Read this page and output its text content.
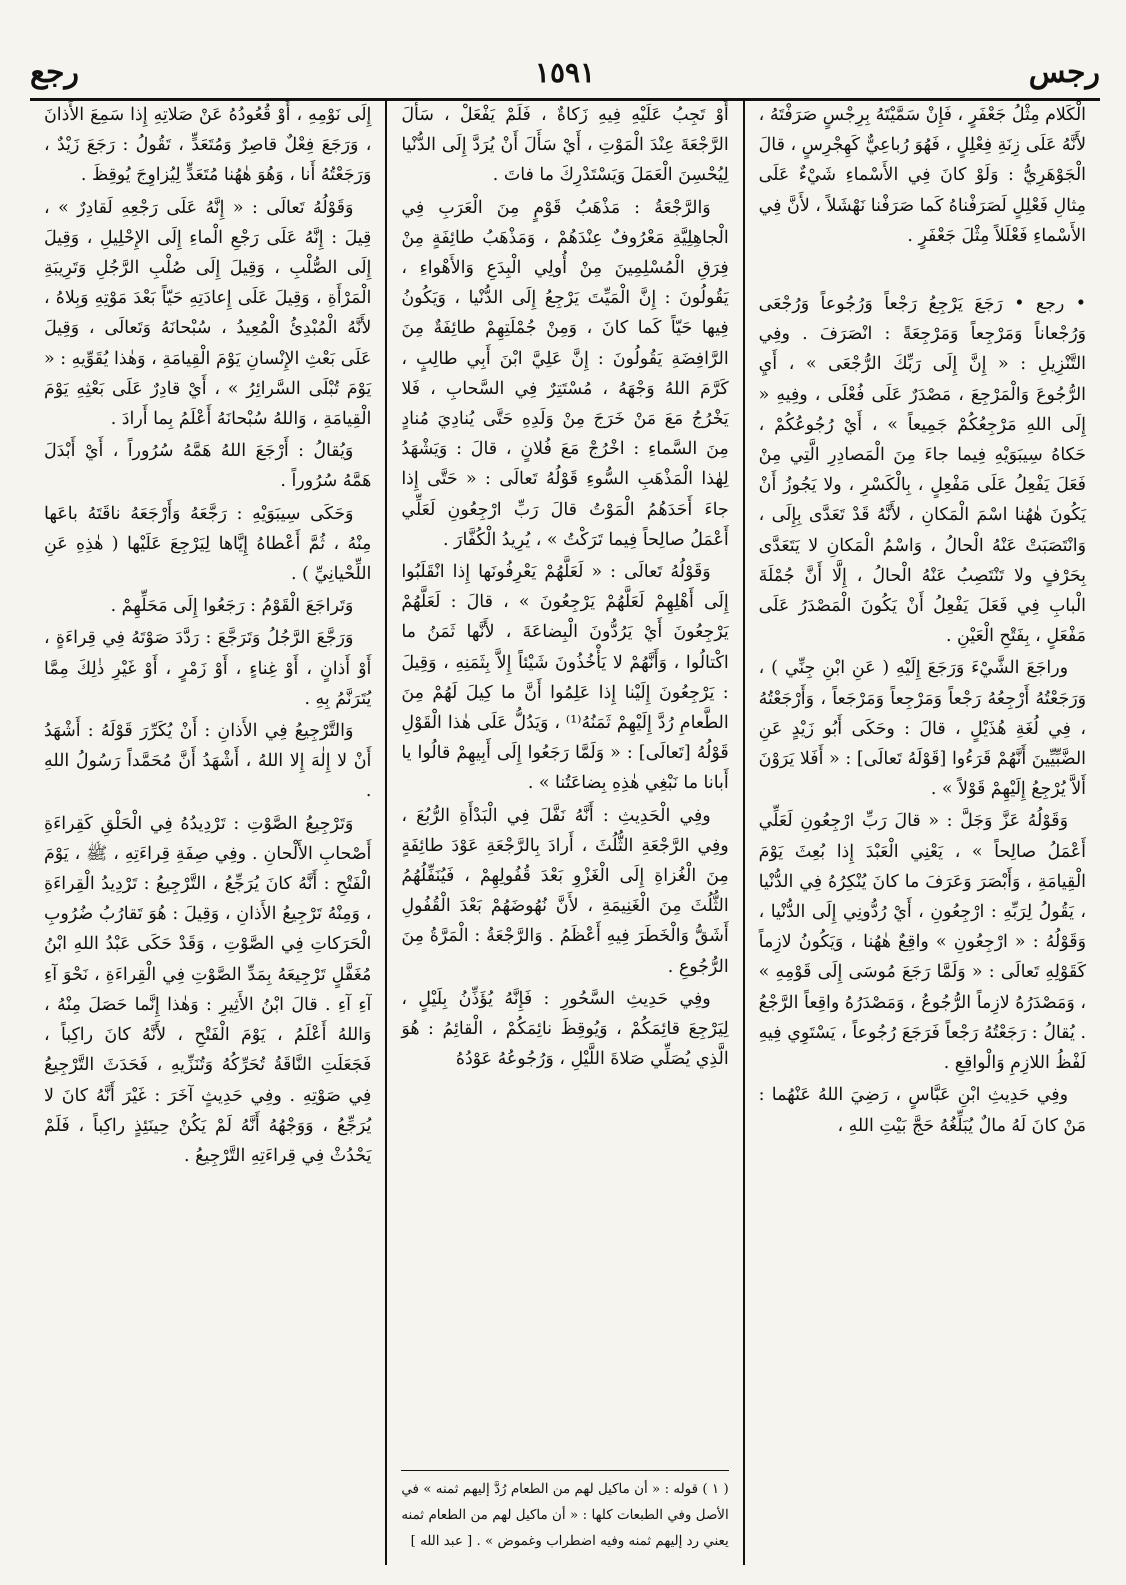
رجس
١٥٩١
رجع

الْكَلام مِثْلُ جَعْفَرٍ ، فَإِنْ سَمَّيْتَهُ بِرِجْسٍ صَرَفْتَهُ ، لأَنَّهُ عَلَى زِنَةِ فِعْلِلٍ ، فَهُوَ رُباعِيٌّ كَهِجْرِسٍ ، قالَ الْجَوْهَرِيُّ : وَلَوْ كانَ فِي الأَسْماءِ شَيْءٌ عَلَى مِثالِ فَعْلِلٍ لَصَرَفْناهُ كَما صَرَفْنا نَهْشَلاً ، لأَنَّ فِي الأَسْماءِ فَعْلَلاً مِثْلَ جَعْفَرٍ .

• رجع • رَجَعَ يَرْجِعُ رَجْعاً وَرُجُوعاً وَرُجْعَى وَرُجْعاناً وَمَرْجِعاً وَمَرْجِعَةً : انْصَرَفَ . وفِي التَّنْزِيلِ : « إِنَّ إِلَى رَبِّكَ الرُّجْعَى » ، أَيِ الرُّجُوعَ وَالْمَرْجِعَ ، مَصْدَرٌ عَلَى فُعْلَى ، وفِيهِ « إِلَى اللهِ مَرْجِعُكُمْ جَمِيعاً » ، أَيْ رُجُوعُكُمْ ، حَكاهُ سِيبَوَيْهِ فِيما جاءَ مِنَ الْمَصادِرِ الَّتِي مِنْ فَعَلَ يَفْعِلُ عَلَى مَفْعِلٍ ، بِالْكَسْرِ ، ولا يَجُوزُ أَنْ يَكُونَ هٰهُنا اسْمَ الْمَكانِ ، لأَنَّهُ قَدْ تَعَدَّى بِإِلَى ، وَانْتَصَبَتْ عَنْهُ الْحالُ ، وَاسْمُ الْمَكانِ لا يَتَعَدَّى بِحَرْفٍ ولا تَنْتَصِبُ عَنْهُ الْحالُ ، إِلَّا أَنَّ جُمْلَةَ الْبابِ فِي فَعَلَ يَفْعِلُ أَنْ يَكُونَ الْمَصْدَرُ عَلَى مَفْعَلٍ ، بِفَتْحِ الْعَيْنِ .

وراجَعَ الشَّيْءَ وَرَجَعَ إِلَيْهِ ( عَنِ ابْنِ جِنِّي ) ، وَرَجَعْتُهُ أَرْجِعُهُ رَجْعاً وَمَرْجِعاً وَمَرْجَعاً ، وَأَرْجَعْتُهُ ، فِي لُغَةِ هُذَيْلٍ ، قالَ : وحَكَى أَبُو زَيْدٍ عَنِ الضَّبِّيِّينَ أَنَّهُمْ قَرَءُوا [قَوْلَهُ تَعالَى] : « أَفَلا يَرَوْنَ أَلاَّ يُرْجِعُ إِلَيْهِمْ قَوْلاً » .

وَقَوْلُهُ عَزَّ وَجَلَّ : « قالَ رَبِّ ارْجِعُونِ لَعَلِّي أَعْمَلُ صالِحاً » ، يَعْنِي الْعَبْدَ إِذا بُعِثَ يَوْمَ الْقِيامَةِ ، وَأَبْصَرَ وَعَرَفَ ما كانَ يُنْكِرُهُ فِي الدُّنْيا ، يَقُولُ لِرَبِّهِ : ارْجِعُونِ ، أَيْ رُدُّونِي إِلَى الدُّنْيا ، وَقَوْلُهُ : « ارْجِعُونِ » واقِعٌ هٰهُنا ، وَيَكُونُ لازِماً كَقَوْلِهِ تَعالَى : « وَلَمَّا رَجَعَ مُوسَى إِلَى قَوْمِهِ » ، وَمَصْدَرُهُ لازِماً الرُّجُوعُ ، وَمَصْدَرُهُ واقِعاً الرَّجْعُ . يُقالُ : رَجَعْتُهُ رَجْعاً فَرَجَعَ رُجُوعاً ، يَسْتَوِي فِيهِ لَفْظُ اللازِمِ وَالْواقِعِ .

وفِي حَدِيثِ ابْنِ عَبَّاسٍ ، رَضِيَ اللهُ عَنْهُما : مَنْ كانَ لَهُ مالٌ يُبَلِّغُهُ حَجَّ بَيْتِ اللهِ ،

أَوْ تَجِبُ عَلَيْهِ فِيهِ زَكاةٌ ، فَلَمْ يَفْعَلْ ، سَأَلَ الرَّجْعَةَ عِنْدَ الْمَوْتِ ، أَيْ سَأَلَ أَنْ يُرَدَّ إِلَى الدُّنْيا لِيُحْسِنَ الْعَمَلَ وَيَسْتَدْرِكَ ما فاتَ .

وَالرَّجْعَةُ : مَذْهَبُ قَوْمٍ مِنَ الْعَرَبِ فِي الْجاهِلِيَّةِ مَعْرُوفٌ عِنْدَهُمْ ، وَمَذْهَبُ طائِفَةٍ مِنْ فِرَقِ الْمُسْلِمِينَ مِنْ أُولِي الْبِدَعِ وَالأَهْواءِ ، يَقُولُونَ : إِنَّ الْمَيِّتَ يَرْجِعُ إِلَى الدُّنْيا ، وَيَكُونُ فِيها حَيّاً كَما كانَ ، وَمِنْ جُمْلَتِهِمْ طائِفَةٌ مِنَ الرَّافِضَةِ يَقُولُونَ : إِنَّ عَلِيَّ ابْنَ أَبِي طالِبٍ ، كَرَّمَ اللهُ وَجْهَهُ ، مُسْتَتِرٌ فِي السَّحابِ ، فَلا يَخْرُجُ مَعَ مَنْ خَرَجَ مِنْ وَلَدِهِ حَتَّى يُنادِيَ مُنادٍ مِنَ السَّماءِ : اخْرُجْ مَعَ فُلانٍ ، قالَ : وَيَشْهَدُ لِهٰذا الْمَذْهَبِ السُّوءِ قَوْلُهُ تَعالَى : « حَتَّى إِذا جاءَ أَحَدَهُمُ الْمَوْتُ قالَ رَبِّ ارْجِعُونِ لَعَلِّي أَعْمَلُ صالِحاً فِيما تَرَكْتُ » ، يُرِيدُ الْكُفَّارَ .

وَقَوْلُهُ تَعالَى : « لَعَلَّهُمْ يَعْرِفُونَها إِذا انْقَلَبُوا إِلَى أَهْلِهِمْ لَعَلَّهُمْ يَرْجِعُونَ » ، قالَ : لَعَلَّهُمْ يَرْجِعُونَ أَيْ يَرُدُّونَ الْبِضاعَةَ ، لأَنَّها ثَمَنُ ما اكْتالُوا ، وَأَنَّهُمْ لا يَأْخُذُونَ شَيْئاً إِلاَّ بِثَمَنِهِ ، وَقِيلَ : يَرْجِعُونَ إِلَيْنا إِذا عَلِمُوا أَنَّ ما كِيلَ لَهُمْ مِنَ الطَّعامِ رُدَّ إِلَيْهِمْ ثَمَنُهُ⁽¹⁾ ، وَيَدُلُّ عَلَى هٰذا الْقَوْلِ قَوْلُهُ [تَعالَى] : « وَلَمَّا رَجَعُوا إِلَى أَبِيهِمْ قالُوا يا أَبانا ما نَبْغِي هٰذِهِ بِضاعَتُنا » .

وفِي الْحَدِيثِ : أَنَّهُ نَفَّلَ فِي الْبَدْأَةِ الرُّبُعَ ، وفِي الرَّجْعَةِ الثُّلُثَ ، أَرادَ بِالرَّجْعَةِ عَوْدَ طائِفَةٍ مِنَ الْغُزاةِ إِلَى الْغَزْوِ بَعْدَ قُفُولِهِمْ ، فَيُنَفِّلُهُمُ الثُّلُثَ مِنَ الْغَنِيمَةِ ، لأَنَّ نُهُوضَهُمْ بَعْدَ الْقُفُولِ أَشَقُّ وَالْخَطَرَ فِيهِ أَعْظَمُ . وَالرَّجْعَةُ : الْمَرَّةُ مِنَ الرُّجُوعِ .

وفِي حَدِيثِ السَّحُورِ : فَإِنَّهُ يُؤَذِّنُ بِلَيْلٍ ، لِيَرْجِعَ قائِمَكُمْ ، وَيُوقِظَ نائِمَكُمْ ، الْقائِمُ : هُوَ الَّذِي يُصَلِّي صَلاةَ اللَّيْلِ ، وَرُجُوعُهُ عَوْدُهُ

( ١ ) قوله : « أن ماكيل لهم من الطعام رُدَّ إليهم ثمنه » في الأصل وفي الطبعات كلها : « أن ماكيل لهم من الطعام ثمنه يعني رد إليهم ثمنه وفيه اضطراب وغموض » . [ عبد الله ]

إِلَى نَوْمِهِ ، أَوْ قُعُودُهُ عَنْ صَلاتِهِ إِذا سَمِعَ الأَذانَ ، وَرَجَعَ فِعْلٌ قاصِرٌ وَمُتَعَدٍّ ، تَقُولُ : رَجَعَ زَيْدٌ ، وَرَجَعْتُهُ أَنا ، وَهُوَ هٰهُنا مُتَعَدٍّ لِيُزاوِجَ يُوقِظَ .

وَقَوْلُهُ تَعالَى : « إِنَّهُ عَلَى رَجْعِهِ لَقادِرٌ » ، قِيلَ : إِنَّهُ عَلَى رَجْعِ الْماءِ إِلَى الإِحْلِيلِ ، وَقِيلَ إِلَى الصُّلْبِ ، وَقِيلَ إِلَى صُلْبِ الرَّجُلِ وَتَرِيبَةِ الْمَرْأَةِ ، وَقِيلَ عَلَى إِعادَتِهِ حَيّاً بَعْدَ مَوْتِهِ وَبِلاهُ ، لأَنَّهُ الْمُبْدِئُ الْمُعِيدُ ، سُبْحانَهُ وَتَعالَى ، وَقِيلَ عَلَى بَعْثِ الإِنْسانِ يَوْمَ الْقِيامَةِ ، وَهٰذا يُقَوِّيهِ : « يَوْمَ تُبْلَى السَّرائِرُ » ، أَيْ قادِرٌ عَلَى بَعْثِهِ يَوْمَ الْقِيامَةِ ، وَاللهُ سُبْحانَهُ أَعْلَمُ بِما أَرادَ .

وَيُقالُ : أَرْجَعَ اللهُ هَمَّهُ سُرُوراً ، أَيْ أَبْدَلَ هَمَّهُ سُرُوراً .

وَحَكَى سِيبَوَيْهِ : رَجَّعَهُ وَأَرْجَعَهُ ناقَتَهُ باعَها مِنْهُ ، ثُمَّ أَعْطاهُ إِيَّاها لِيَرْجِعَ عَلَيْها ( هٰذِهِ عَنِ اللِّحْيانِيِّ ) .

وَتَراجَعَ الْقَوْمُ : رَجَعُوا إِلَى مَحَلِّهِمْ .

وَرَجَّعَ الرَّجُلُ وَتَرَجَّعَ : رَدَّدَ صَوْتَهُ فِي قِراءَةٍ ، أَوْ أَذانٍ ، أَوْ غِناءٍ ، أَوْ زَمْرٍ ، أَوْ غَيْرِ ذٰلِكَ مِمَّا يُتَرَنَّمُ بِهِ .

وَالتَّرْجِيعُ فِي الأَذانِ : أَنْ يُكَرِّرَ قَوْلَهُ : أَشْهَدُ أَنْ لا إِلٰهَ إِلا اللهُ ، أَشْهَدُ أَنَّ مُحَمَّداً رَسُولُ اللهِ .

وَتَرْجِيعُ الصَّوْتِ : تَرْدِيدُهُ فِي الْحَلْقِ كَقِراءَةِ أَصْحابِ الأَلْحانِ . وفِي صِفَةِ قِراءَتِهِ ، ﷺ ، يَوْمَ الْفَتْحِ : أَنَّهُ كانَ يُرَجِّعُ ، التَّرْجِيعُ : تَرْدِيدُ الْقِراءَةِ ، وَمِنْهُ تَرْجِيعُ الأَذانِ ، وَقِيلَ : هُوَ تَقارُبُ ضُرُوبِ الْحَرَكاتِ فِي الصَّوْتِ ، وَقَدْ حَكَى عَبْدُ اللهِ ابْنُ مُغَفَّلٍ تَرْجِيعَهُ بِمَدِّ الصَّوْتِ فِي الْقِراءَةِ ، نَحْوَ آءِ آءِ آءِ . قالَ ابْنُ الأَثِيرِ : وَهٰذا إِنَّما حَصَلَ مِنْهُ ، وَاللهُ أَعْلَمُ ، يَوْمَ الْفَتْحِ ، لأَنَّهُ كانَ راكِباً ، فَجَعَلَتِ النَّاقَةُ تُحَرِّكُهُ وَتُنَزِّيهِ ، فَحَدَثَ التَّرْجِيعُ فِي صَوْتِهِ . وفِي حَدِيثٍ آخَرَ : غَيْرَ أَنَّهُ كانَ لا يُرَجِّعُ ، وَوَجْهُهُ أَنَّهُ لَمْ يَكُنْ حِينَئِذٍ راكِباً ، فَلَمْ يَحْدُثْ فِي قِراءَتِهِ التَّرْجِيعُ .
